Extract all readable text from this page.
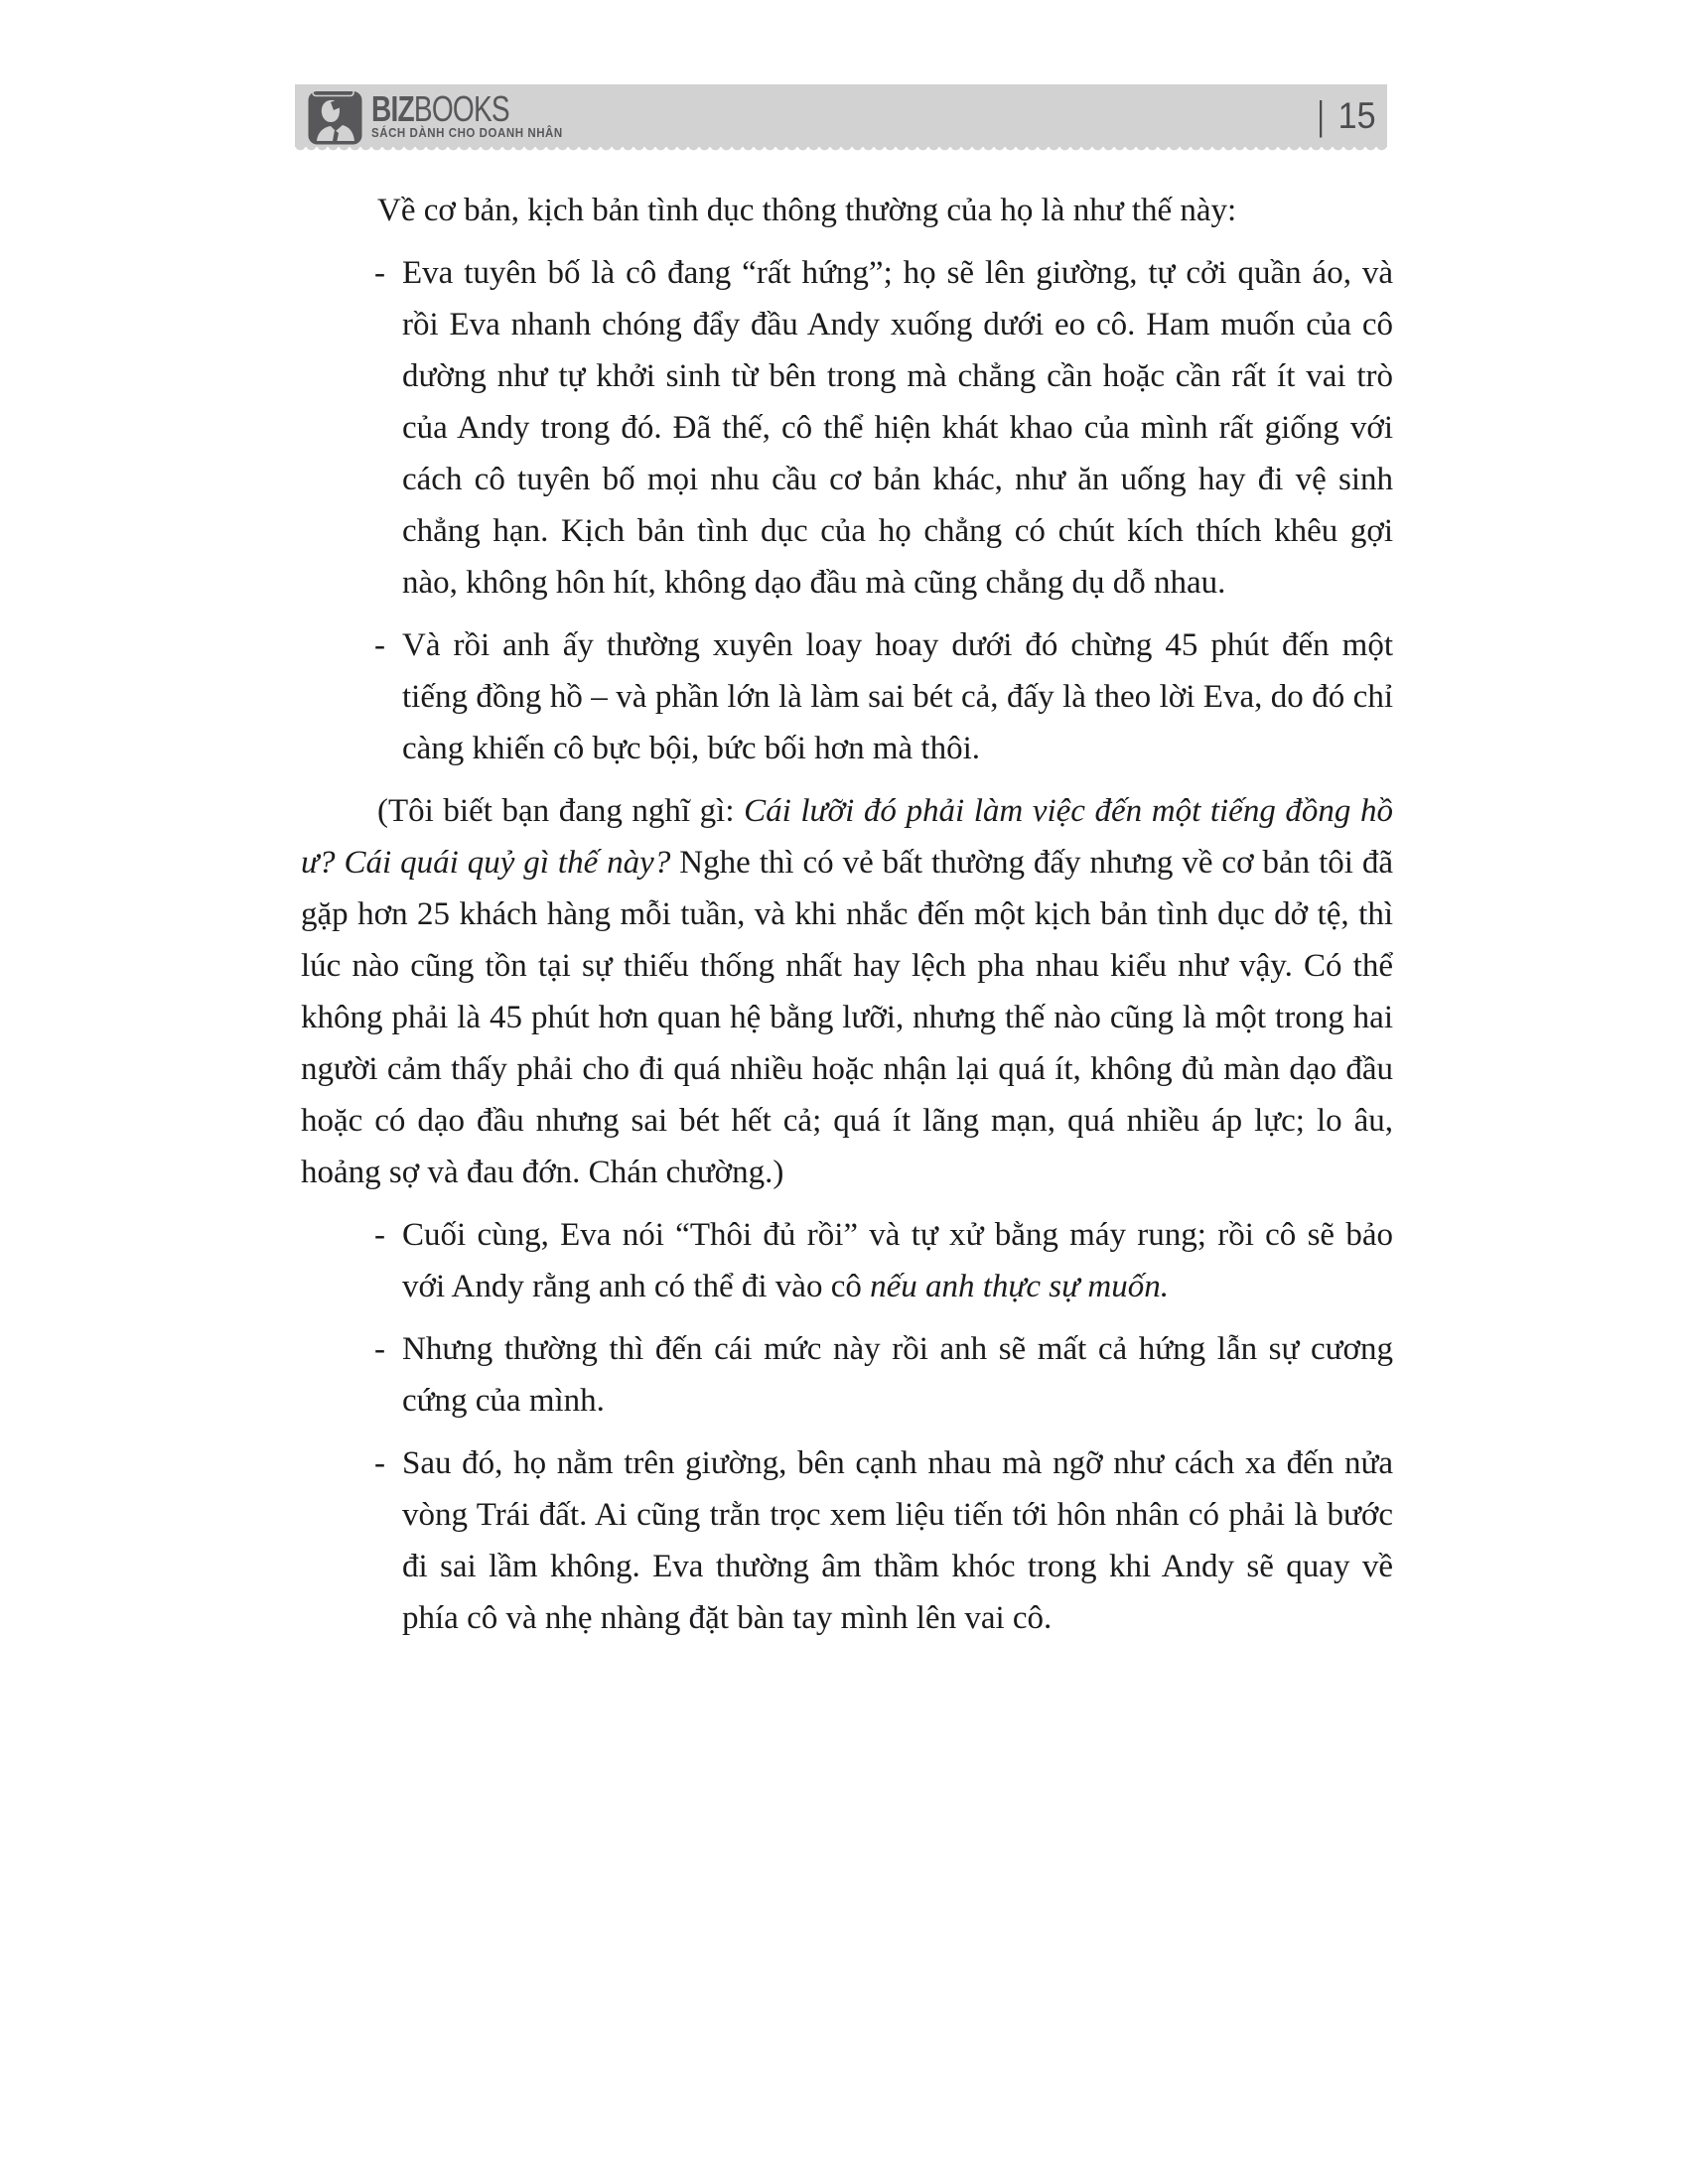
BIZBOOKS
SÁCH DÀNH CHO DOANH NHÂN	| 15
Về cơ bản, kịch bản tình dục thông thường của họ là như thế này:
- Eva tuyên bố là cô đang “rất hứng”; họ sẽ lên giường, tự cởi quần áo, và rồi Eva nhanh chóng đẩy đầu Andy xuống dưới eo cô. Ham muốn của cô dường như tự khởi sinh từ bên trong mà chẳng cần hoặc cần rất ít vai trò của Andy trong đó. Đã thế, cô thể hiện khát khao của mình rất giống với cách cô tuyên bố mọi nhu cầu cơ bản khác, như ăn uống hay đi vệ sinh chẳng hạn. Kịch bản tình dục của họ chẳng có chút kích thích khêu gợi nào, không hôn hít, không dạo đầu mà cũng chẳng dụ dỗ nhau.
- Và rồi anh ấy thường xuyên loay hoay dưới đó chừng 45 phút đến một tiếng đồng hồ – và phần lớn là làm sai bét cả, đấy là theo lời Eva, do đó chỉ càng khiến cô bực bội, bức bối hơn mà thôi.
(Tôi biết bạn đang nghĩ gì: Cái lưỡi đó phải làm việc đến một tiếng đồng hồ ư? Cái quái quỷ gì thế này? Nghe thì có vẻ bất thường đấy nhưng về cơ bản tôi đã gặp hơn 25 khách hàng mỗi tuần, và khi nhắc đến một kịch bản tình dục dở tệ, thì lúc nào cũng tồn tại sự thiếu thống nhất hay lệch pha nhau kiểu như vậy. Có thể không phải là 45 phút hơn quan hệ bằng lưỡi, nhưng thế nào cũng là một trong hai người cảm thấy phải cho đi quá nhiều hoặc nhận lại quá ít, không đủ màn dạo đầu hoặc có dạo đầu nhưng sai bét hết cả; quá ít lãng mạn, quá nhiều áp lực; lo âu, hoảng sợ và đau đớn. Chán chường.)
- Cuối cùng, Eva nói “Thôi đủ rồi” và tự xử bằng máy rung; rồi cô sẽ bảo với Andy rằng anh có thể đi vào cô nếu anh thực sự muốn.
- Nhưng thường thì đến cái mức này rồi anh sẽ mất cả hứng lẫn sự cương cứng của mình.
- Sau đó, họ nằm trên giường, bên cạnh nhau mà ngỡ như cách xa đến nửa vòng Trái đất. Ai cũng trằn trọc xem liệu tiến tới hôn nhân có phải là bước đi sai lầm không. Eva thường âm thầm khóc trong khi Andy sẽ quay về phía cô và nhẹ nhàng đặt bàn tay mình lên vai cô.
